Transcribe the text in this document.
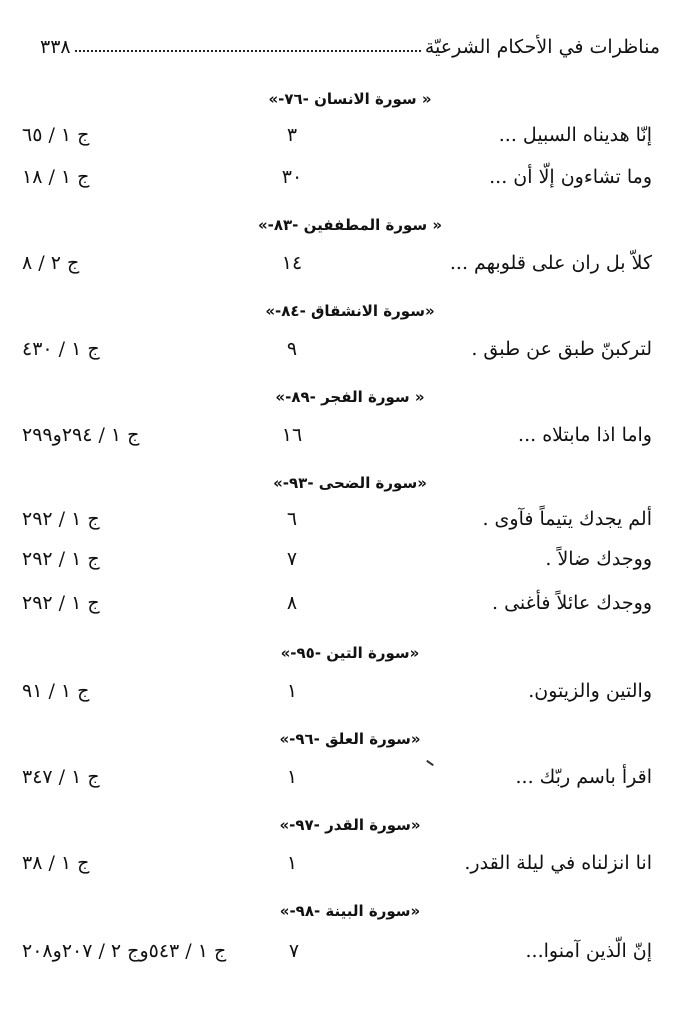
مناظرات في الأحكام الشرعيّة
٣٣٨
« سورة الانسان -٧٦-»
إنّا هديناه السبيل ...
٣
ج ١ / ٦٥
وما تشاءون إلّا أن ...
٣٠
ج ١ / ١٨
« سورة المطففين -٨٣-»
كلاّ بل ران على قلوبهم ...
١٤
ج ٢ / ٨
«سورة الانشقاق -٨٤-»
لتركبنّ طبق عن طبق .
٩
ج ١ / ٤٣٠
« سورة الفجر -٨٩-»
واما اذا مابتلاه ...
١٦
ج ١ / ٢٩٤و٢٩٩
«سورة الضحى -٩٣-»
ألم يجدك يتيماً فآوى .
٦
ج ١ / ٢٩٢
ووجدك ضالاً .
٧
ج ١ / ٢٩٢
ووجدك عائلاً فأغنى .
٨
ج ١ / ٢٩٢
«سورة التين -٩٥-»
والتين والزيتون.
١
ج ١ / ٩١
«سورة العلق -٩٦-»
اقرأ باسم ربّك ...
١
ج ١ / ٣٤٧
«سورة القدر -٩٧-»
انا انزلناه في ليلة القدر.
١
ج ١ / ٣٨
«سورة البينة -٩٨-»
إنّ الّذين آمنوا...
٧
ج ١ / ٥٤٣وج ٢ / ٢٠٧و٢٠٨
